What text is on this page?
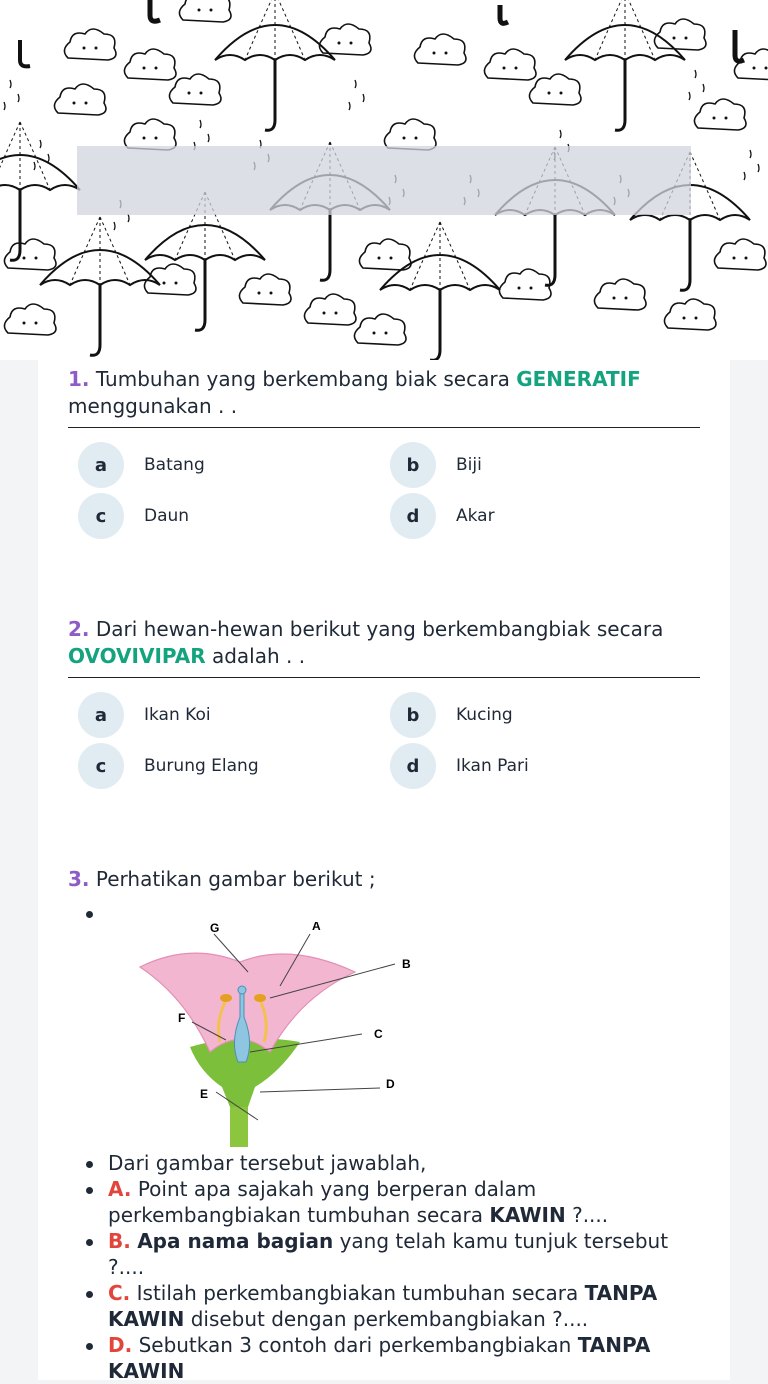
1. Tumbuhan yang berkembang biak secara GENERATIF menggunakan . .
a	Batang	b	Biji
c	Daun	d	Akar
2. Dari hewan-hewan berikut yang berkembangbiak secara OVOVIVIPAR adalah . .
a	Ikan Koi	b	Kucing
c	Burung Elang	d	Ikan Pari
3. Perhatikan gambar berikut ;
G	A
B
F
C
E
D
Dari gambar tersebut jawablah,
A. Point apa sajakah yang berperan dalam perkembangbiakan tumbuhan secara KAWIN ?....
B. Apa nama bagian yang telah kamu tunjuk tersebut ?....
C. Istilah perkembangbiakan tumbuhan secara TANPA KAWIN disebut dengan perkembangbiakan ?....
D. Sebutkan 3 contoh dari perkembangbiakan TANPA KAWIN
